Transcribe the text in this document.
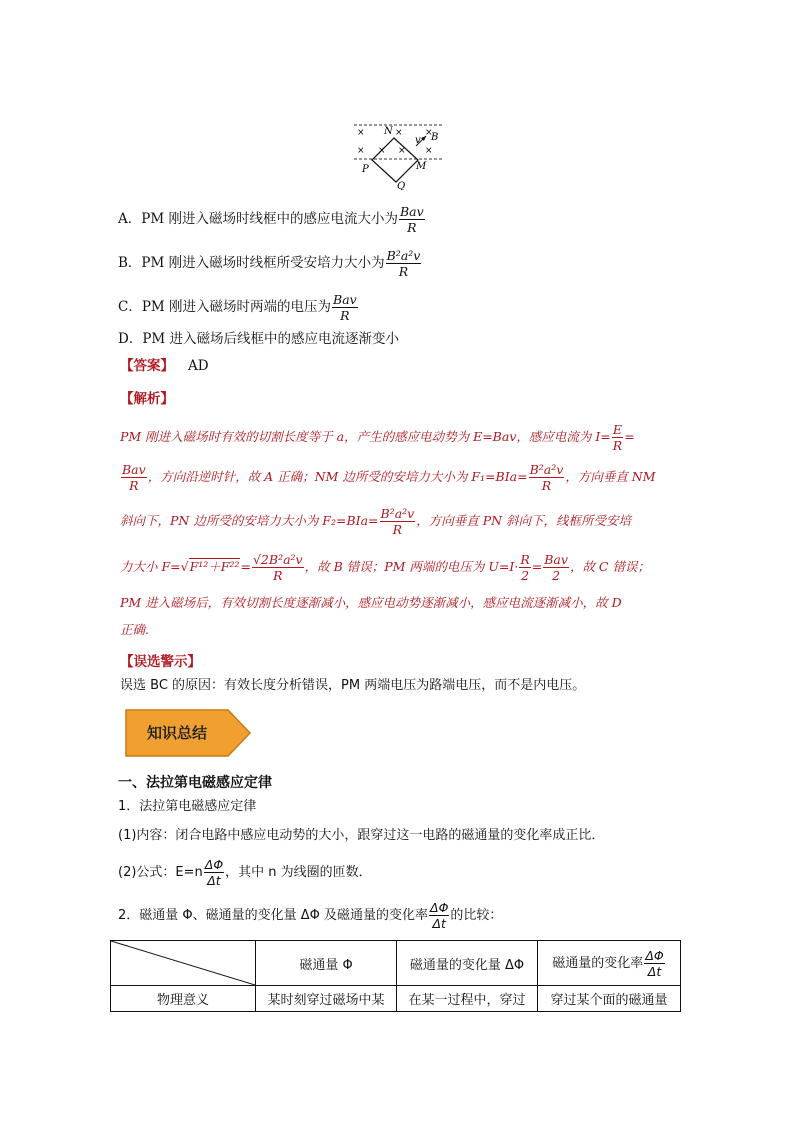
×	× ×
× × × ×
N
v B
P	M
Q
A．PM 刚进入磁场时线框中的感应电流大小为 $\frac{\text{Bav}}{R}$
B．PM 刚进入磁场时线框所受安培力大小为 $\frac{\text{B²a²v}}{R}$
C．PM 刚进入磁场时两端的电压为 $\frac{\text{Bav}}{R}$
D．PM 进入磁场后线框中的感应电流逐渐变小
【答案】 AD
【解析】
PM 刚进入磁场时有效的切割长度等于 a，产生的感应电动势为 E=Bav，感应电流为 $I= \frac{E}{R}$ =
$\frac{\text{Bav}}{R}$ ，方向沿逆时针，故 A 正确；NM 边所受的安培力大小为 $F_1=BIa= \frac{\text{B²a²v}}{R}$ ，方向垂直 NM
斜向下，PN 边所受的安培力大小为 $F_2=BIa= \frac{\text{B²a²v}}{R}$ ，方向垂直 PN 斜向下，线框所受安培
力大小 $F=√F^{12}+F^{22}= \frac{\text{√2B²a²v}}{R}$ ，故 B 错误；PM 两端的电压为 $U=I\cdot \frac{R}{2} = \frac{\text{Bav}}{2}$ ，故 C 错误；
PM 进入磁场后，有效切割长度逐渐减小，感应电动势逐渐减小，感应电流逐渐减小，故 D
正确.
【误选警示】
误选 BC 的原因：有效长度分析错误，PM 两端电压为路端电压，而不是内电压。
知识总结
一、法拉第电磁感应定律
1．法拉第电磁感应定律
(1)内容：闭合电路中感应电动势的大小，跟穿过这一电路的磁通量的变化率成正比．
(2)公式：$E=n \frac{\Delta\Phi}{\Delta t}$ ，其中 n 为线圈的匝数．
2．磁通量 Φ、磁通量的变化量 ΔΦ 及磁通量的变化率 $\frac{\Delta\Phi}{\Delta t}$ 的比较：
	磁通量 Φ	磁通量的变化量 ΔΦ	磁通量的变化率 $\frac{\Delta\Phi}{\Delta t}$

物理意义	某时刻穿过磁场中某	在某一过程中，穿过	穿过某个面的磁通量
